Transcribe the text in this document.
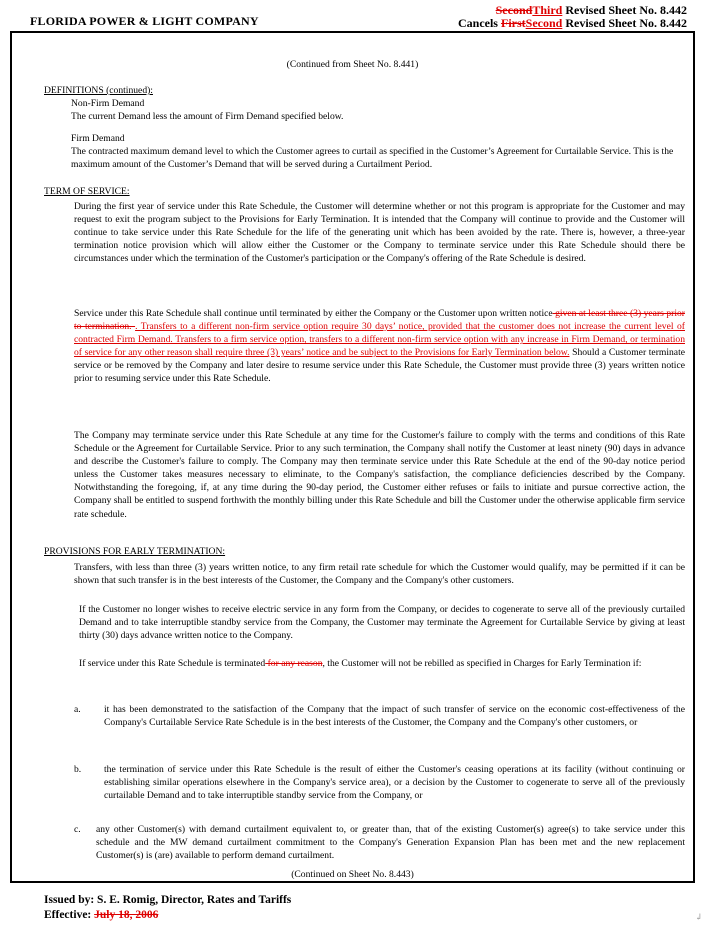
FLORIDA POWER & LIGHT COMPANY
SecondThird Revised Sheet No. 8.442
Cancels FirstSecond Revised Sheet No. 8.442
(Continued from Sheet No. 8.441)
DEFINITIONS (continued):
Non-Firm Demand
The current Demand less the amount of Firm Demand specified below.
Firm Demand
The contracted maximum demand level to which the Customer agrees to curtail as specified in the Customer’s Agreement for Curtailable Service. This is the maximum amount of the Customer’s Demand that will be served during a Curtailment Period.
TERM OF SERVICE:
During the first year of service under this Rate Schedule, the Customer will determine whether or not this program is appropriate for the Customer and may request to exit the program subject to the Provisions for Early Termination. It is intended that the Company will continue to provide and the Customer will continue to take service under this Rate Schedule for the life of the generating unit which has been avoided by the rate. There is, however, a three-year termination notice provision which will allow either the Customer or the Company to terminate service under this Rate Schedule should there be circumstances under which the termination of the Customer's participation or the Company's offering of the Rate Schedule is desired.
Service under this Rate Schedule shall continue until terminated by either the Company or the Customer upon written notice given at least three (3) years prior to termination. . Transfers to a different non-firm service option require 30 days’ notice, provided that the customer does not increase the current level of contracted Firm Demand. Transfers to a firm service option, transfers to a different non-firm service option with any increase in Firm Demand, or termination of service for any other reason shall require three (3) years’ notice and be subject to the Provisions for Early Termination below. Should a Customer terminate service or be removed by the Company and later desire to resume service under this Rate Schedule, the Customer must provide three (3) years written notice prior to resuming service under this Rate Schedule.
The Company may terminate service under this Rate Schedule at any time for the Customer's failure to comply with the terms and conditions of this Rate Schedule or the Agreement for Curtailable Service. Prior to any such termination, the Company shall notify the Customer at least ninety (90) days in advance and describe the Customer's failure to comply. The Company may then terminate service under this Rate Schedule at the end of the 90-day notice period unless the Customer takes measures necessary to eliminate, to the Company's satisfaction, the compliance deficiencies described by the Company. Notwithstanding the foregoing, if, at any time during the 90-day period, the Customer either refuses or fails to initiate and pursue corrective action, the Company shall be entitled to suspend forthwith the monthly billing under this Rate Schedule and bill the Customer under the otherwise applicable firm service rate schedule.
PROVISIONS FOR EARLY TERMINATION:
Transfers, with less than three (3) years written notice, to any firm retail rate schedule for which the Customer would qualify, may be permitted if it can be shown that such transfer is in the best interests of the Customer, the Company and the Company's other customers.
If the Customer no longer wishes to receive electric service in any form from the Company, or decides to cogenerate to serve all of the previously curtailed Demand and to take interruptible standby service from the Company, the Customer may terminate the Agreement for Curtailable Service by giving at least thirty (30) days advance written notice to the Company.
If service under this Rate Schedule is terminated for any reason, the Customer will not be rebilled as specified in Charges for Early Termination if:
a. it has been demonstrated to the satisfaction of the Company that the impact of such transfer of service on the economic cost-effectiveness of the Company's Curtailable Service Rate Schedule is in the best interests of the Customer, the Company and the Company's other customers, or
b. the termination of service under this Rate Schedule is the result of either the Customer's ceasing operations at its facility (without continuing or establishing similar operations elsewhere in the Company's service area), or a decision by the Customer to cogenerate to serve all of the previously curtailable Demand and to take interruptible standby service from the Company, or
c. any other Customer(s) with demand curtailment equivalent to, or greater than, that of the existing Customer(s) agree(s) to take service under this schedule and the MW demand curtailment commitment to the Company's Generation Expansion Plan has been met and the new replacement Customer(s) is (are) available to perform demand curtailment.
(Continued on Sheet No. 8.443)
Issued by: S. E. Romig, Director, Rates and Tariffs
Effective: July 18, 2006	↲
